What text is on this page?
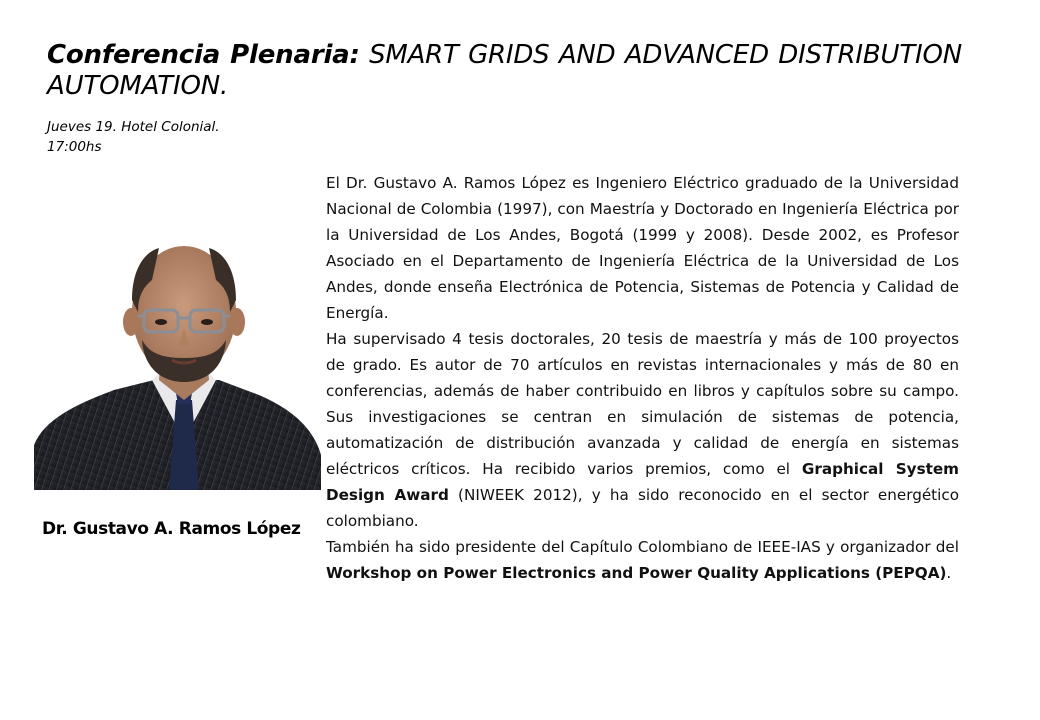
Conferencia Plenaria: SMART GRIDS AND ADVANCED DISTRIBUTION AUTOMATION.
Jueves 19. Hotel Colonial.
17:00hs
Dr. Gustavo A. Ramos López

El Dr. Gustavo A. Ramos López es Ingeniero Eléctrico graduado de la Universidad Nacional de Colombia (1997), con Maestría y Doctorado en Ingeniería Eléctrica por la Universidad de Los Andes, Bogotá (1999 y 2008). Desde 2002, es Profesor Asociado en el Departamento de Ingeniería Eléctrica de la Universidad de Los Andes, donde enseña Electrónica de Potencia, Sistemas de Potencia y Calidad de Energía.

Ha supervisado 4 tesis doctorales, 20 tesis de maestría y más de 100 proyectos de grado. Es autor de 70 artículos en revistas internacionales y más de 80 en conferencias, además de haber contribuido en libros y capítulos sobre su campo. Sus investigaciones se centran en simulación de sistemas de potencia, automatización de distribución avanzada y calidad de energía en sistemas eléctricos críticos. Ha recibido varios premios, como el Graphical System Design Award (NIWEEK 2012), y ha sido reconocido en el sector energético colombiano.

También ha sido presidente del Capítulo Colombiano de IEEE-IAS y organizador del Workshop on Power Electronics and Power Quality Applications (PEPQA).
